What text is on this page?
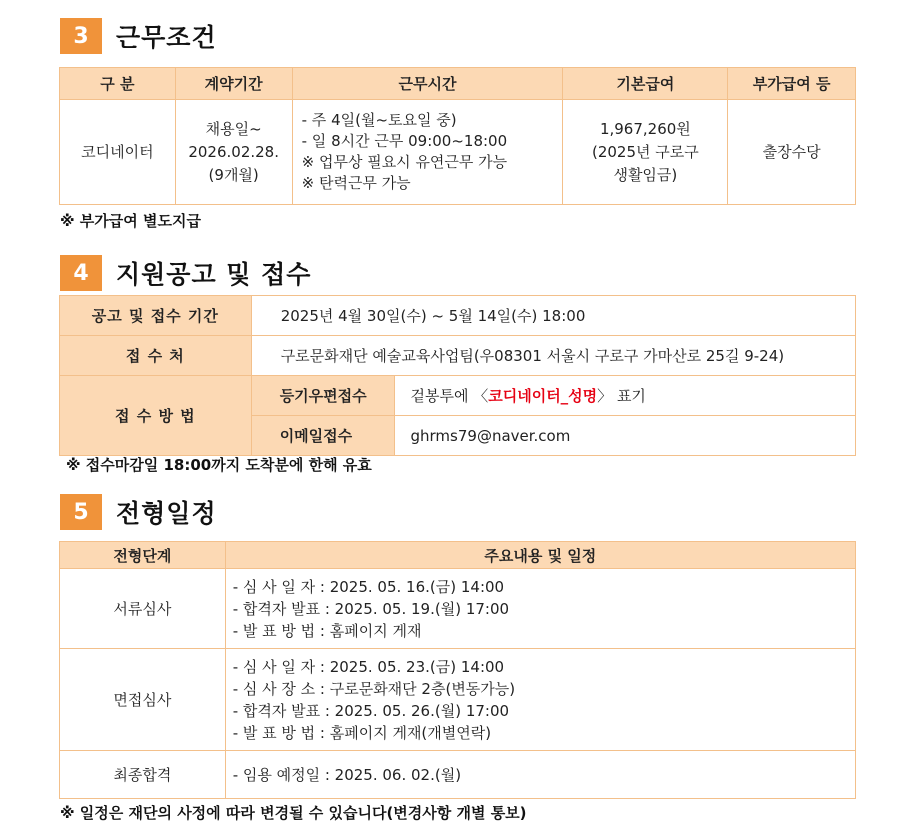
3	근무조건
구 분	계약기간	근무시간	기본급여	부가급여 등
코디네이터	채용일~
2026.02.28.
(9개월)	- 주 4일(월~토요일 중)
- 일 8시간 근무 09:00~18:00
※ 업무상 필요시 유연근무 가능
※ 탄력근무 가능	1,967,260원
(2025년 구로구
생활임금)	출장수당
※ 부가급여 별도지급
4	지원공고 및 접수
공고 및 접수 기간	2025년 4월 30일(수) ~ 5월 14일(수) 18:00	
접 수 처	구로문화재단 예술교육사업팀(우08301 서울시 구로구 가마산로 25길 9-24)	
접 수 방 법	등기우편접수	겉봉투에 〈코디네이터_성명〉 표기
	이메일접수	ghrms79@naver.com
※ 접수마감일 18:00까지 도착분에 한해 유효
5	전형일정
전형단계	주요내용 및 일정
서류심사	- 심 사 일 자 : 2025. 05. 16.(금) 14:00
- 합격자 발표 : 2025. 05. 19.(월) 17:00
- 발 표 방 법 : 홈페이지 게재

면접심사	- 심 사 일 자 : 2025. 05. 23.(금) 14:00
- 심 사 장 소 : 구로문화재단 2층(변동가능)
- 합격자 발표 : 2025. 05. 26.(월) 17:00
- 발 표 방 법 : 홈페이지 게재(개별연락)

최종합격	- 임용 예정일 : 2025. 06. 02.(월)
※ 일정은 재단의 사정에 따라 변경될 수 있습니다(변경사항 개별 통보)
